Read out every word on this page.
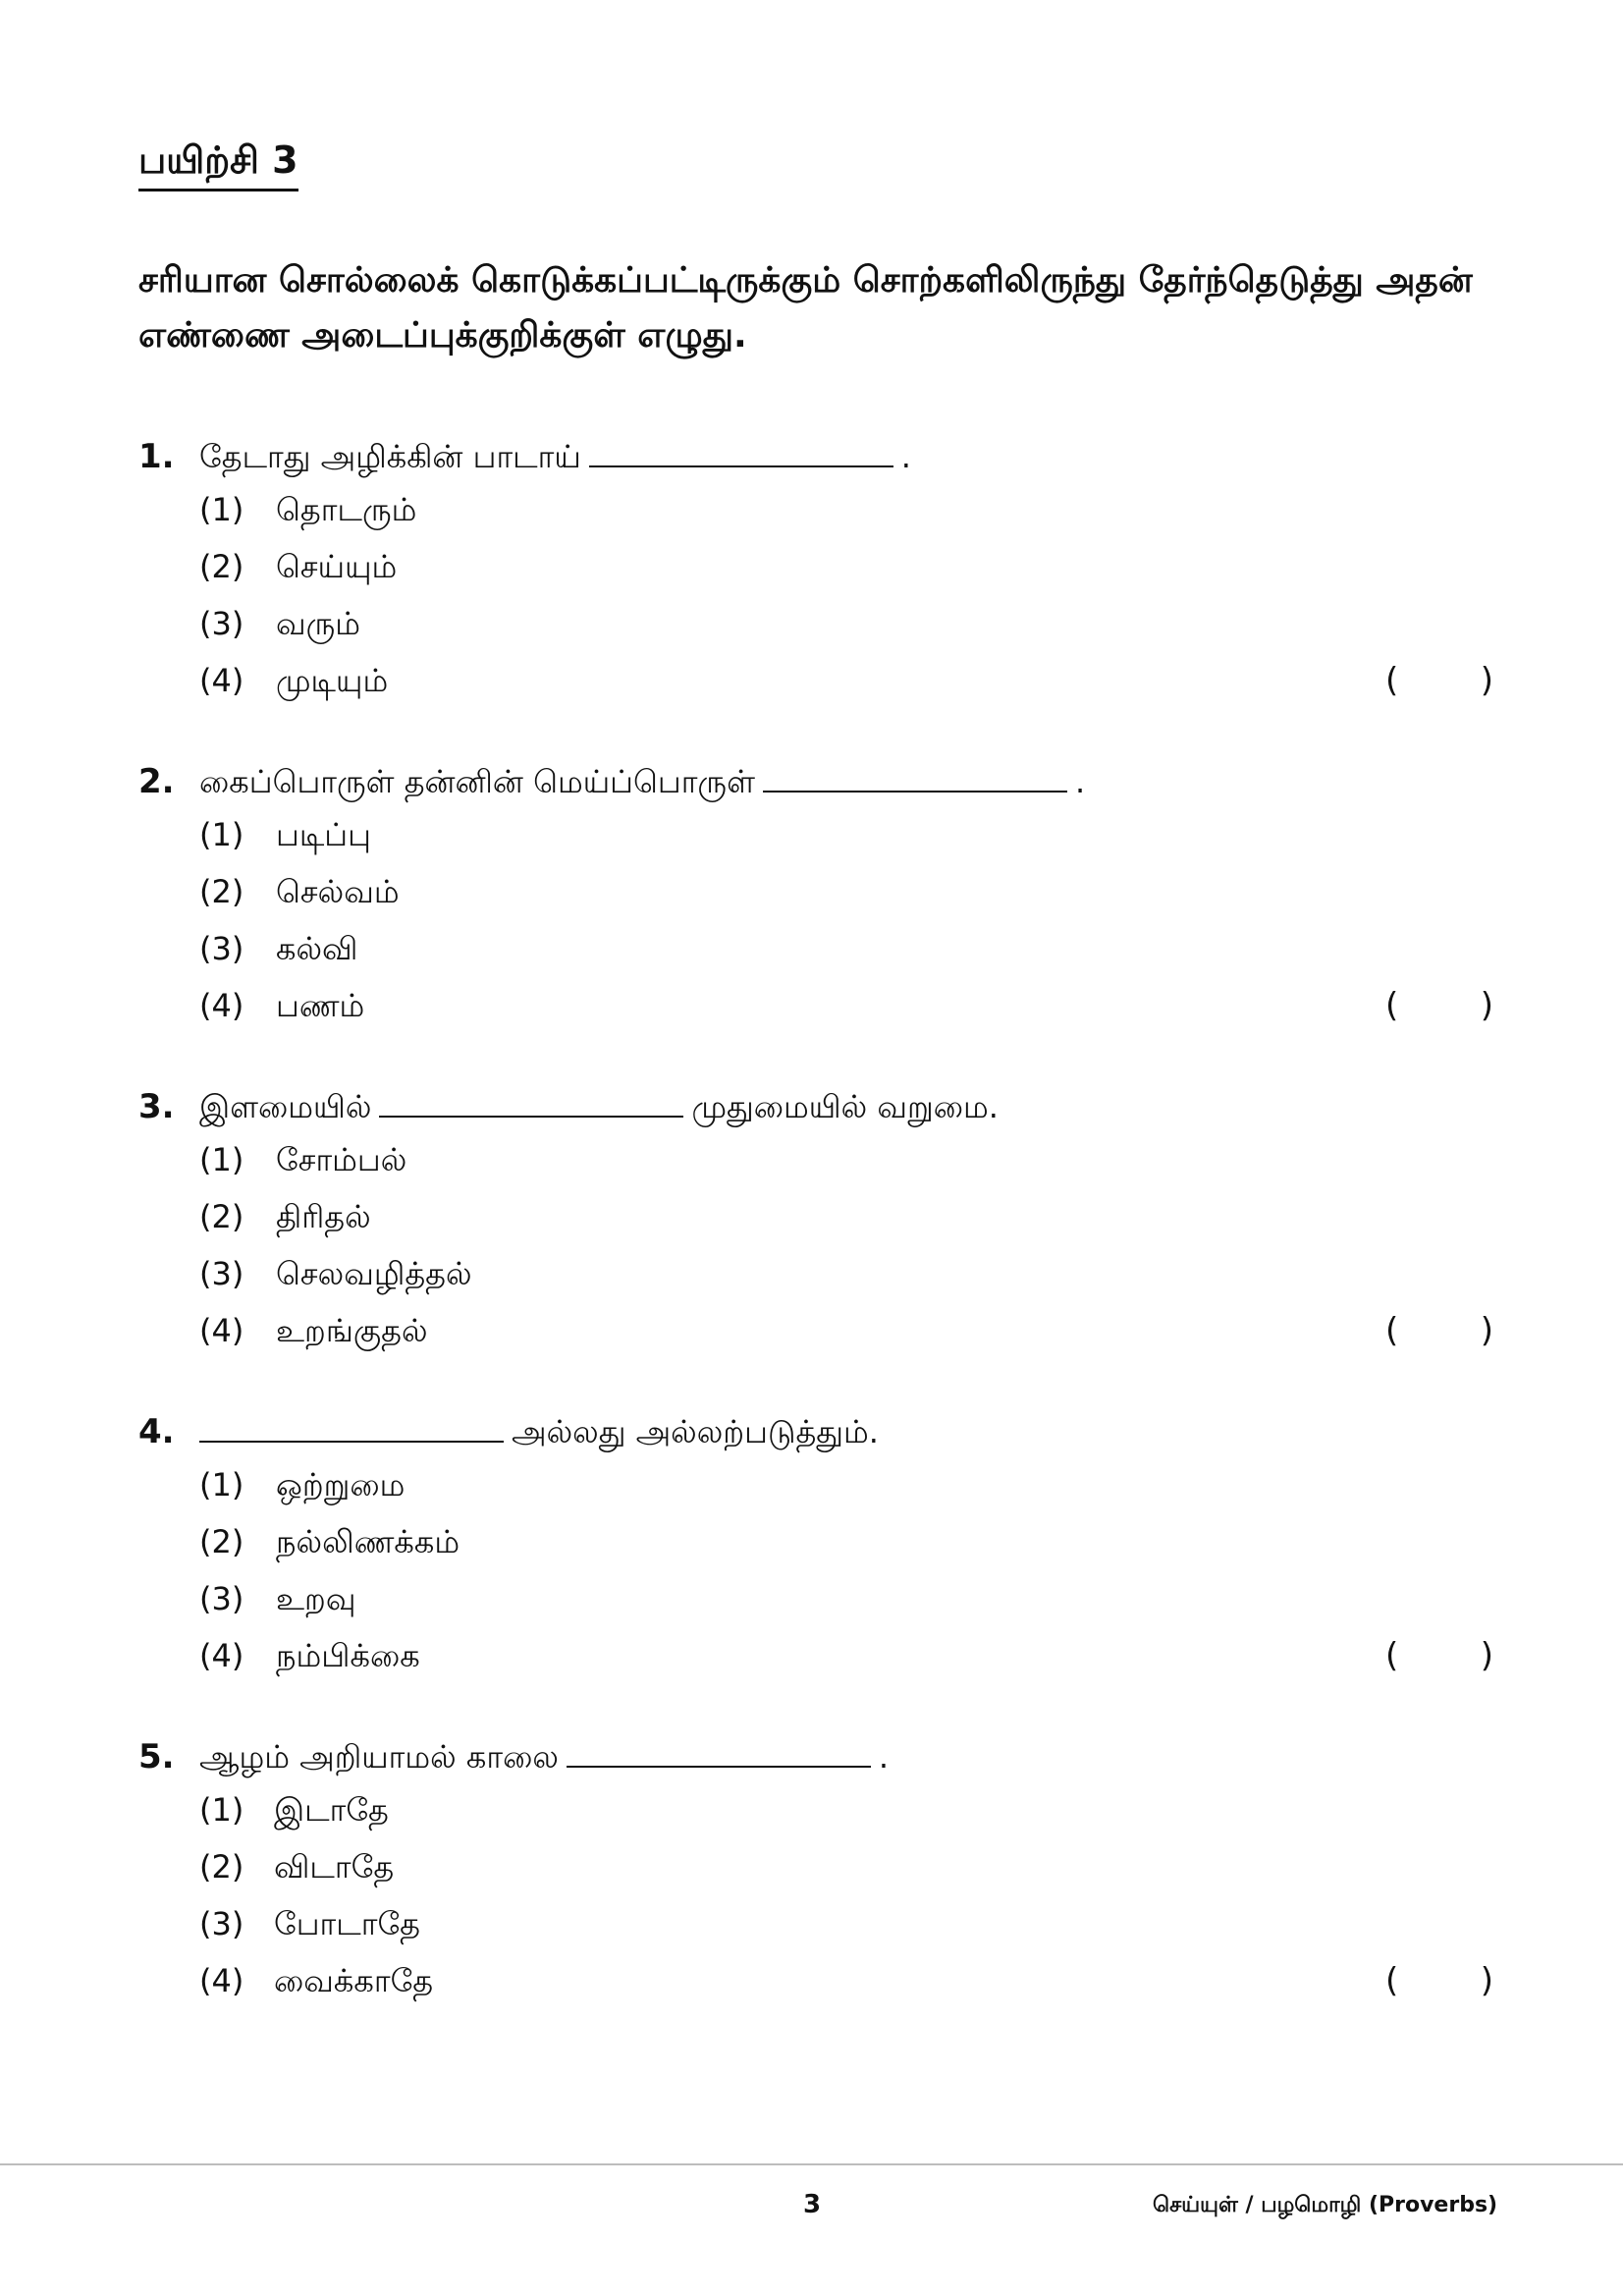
பயிற்சி 3
சரியான சொல்லைக் கொடுக்கப்பட்டிருக்கும் சொற்களிலிருந்து தேர்ந்தெடுத்து அதன் எண்ணை அடைப்புக்குறிக்குள் எழுது.
1. தேடாது அழிக்கின் பாடாய்	.
(1) தொடரும்
(2) செய்யும்
(3) வரும்
(4) முடியும்	( )
2. கைப்பொருள் தன்னின் மெய்ப்பொருள்	.
(1) படிப்பு
(2) செல்வம்
(3) கல்வி
(4) பணம்	( )
3. இளமையில்	முதுமையில் வறுமை.
(1) சோம்பல்
(2) திரிதல்
(3) செலவழித்தல்
(4) உறங்குதல்	( )
4.	அல்லது அல்லற்படுத்தும்.
(1) ஒற்றுமை
(2) நல்லிணக்கம்
(3) உறவு
(4) நம்பிக்கை	( )
5. ஆழம் அறியாமல் காலை	.
(1) இடாதே
(2) விடாதே
(3) போடாதே
(4) வைக்காதே	( )
3	செய்யுள் / பழமொழி (Proverbs)
